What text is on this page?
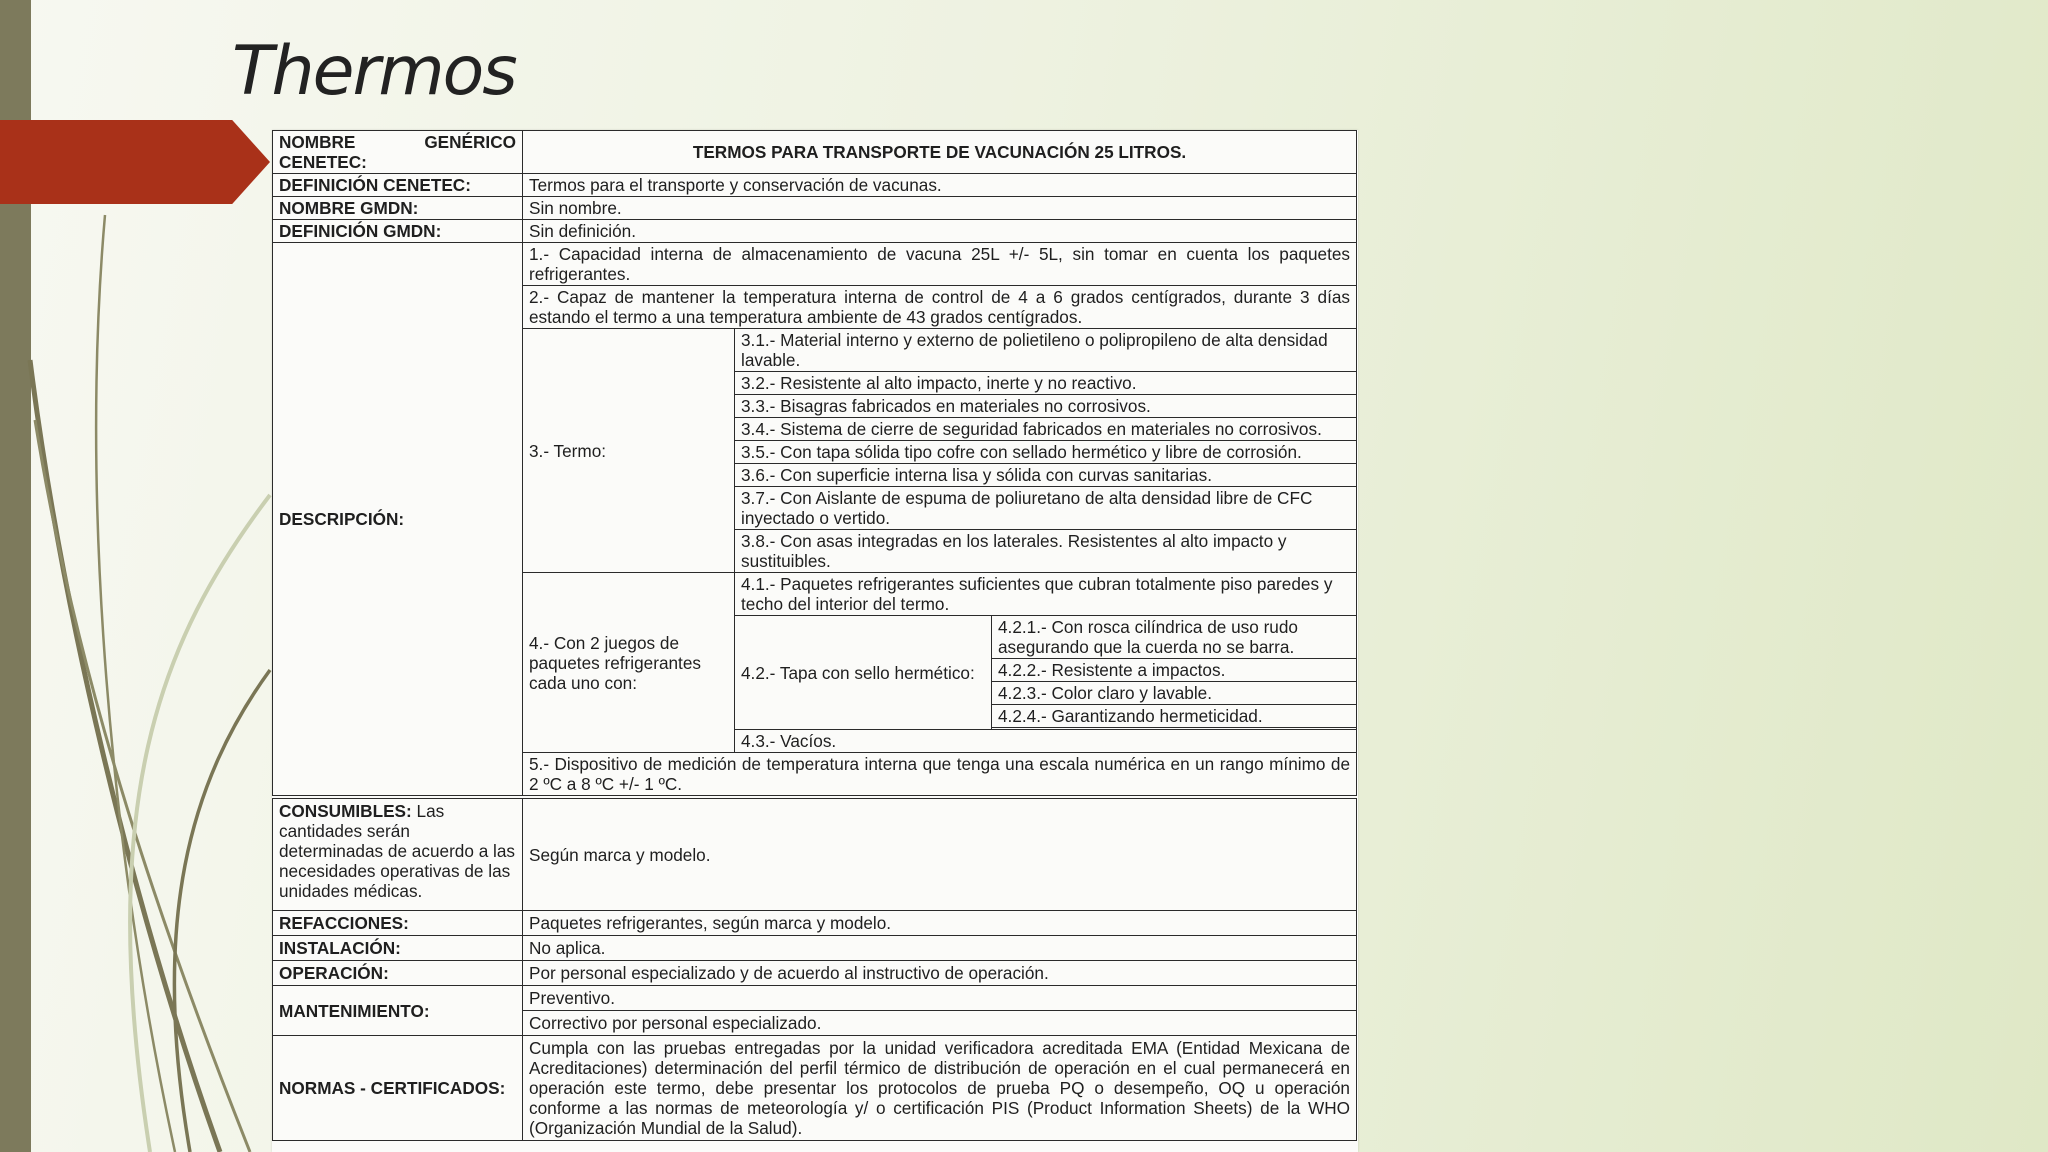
Thermos
NOMBRE GENÉRICO
CENETEC:	TERMOS PARA TRANSPORTE DE VACUNACIÓN 25 LITROS.		
DEFINICIÓN CENETEC:	Termos para el transporte y conservación de vacunas.		
NOMBRE GMDN:	Sin nombre.		
DEFINICIÓN GMDN:	Sin definición.		
DESCRIPCIÓN:	1.- Capacidad interna de almacenamiento de vacuna 25L +/- 5L, sin tomar en cuenta los paquetes refrigerantes.		
	2.- Capaz de mantener la temperatura interna de control de 4 a 6 grados centígrados, durante 3 días estando el termo a una temperatura ambiente de 43 grados centígrados.		
	3.- Termo:	3.1.- Material interno y externo de polietileno o polipropileno de alta densidad lavable.	
		3.2.- Resistente al alto impacto, inerte y no reactivo.	
		3.3.- Bisagras fabricados en materiales no corrosivos.	
		3.4.- Sistema de cierre de seguridad fabricados en materiales no corrosivos.	
		3.5.- Con tapa sólida tipo cofre con sellado hermético y libre de corrosión.	
		3.6.- Con superficie interna lisa y sólida con curvas sanitarias.	
		3.7.- Con Aislante de espuma de poliuretano de alta densidad libre de CFC inyectado o vertido.	
		3.8.- Con asas integradas en los laterales. Resistentes al alto impacto y sustituibles.	
	4.- Con 2 juegos de paquetes refrigerantes cada uno con:	4.1.- Paquetes refrigerantes suficientes que cubran totalmente piso paredes y techo del interior del termo.	
		4.2.- Tapa con sello hermético:	4.2.1.- Con rosca cilíndrica de uso rudo asegurando que la cuerda no se barra.
			4.2.2.- Resistente a impactos.
			4.2.3.- Color claro y lavable.
			4.2.4.- Garantizando hermeticidad.

		4.3.- Vacíos.	
	5.- Dispositivo de medición de temperatura interna que tenga una escala numérica en un rango mínimo de 2 ºC a 8 ºC +/- 1 ºC.		
CONSUMIBLES: Las cantidades serán determinadas de acuerdo a las necesidades operativas de las unidades médicas.	Según marca y modelo.
REFACCIONES:	Paquetes refrigerantes, según marca y modelo.
INSTALACIÓN:	No aplica.
OPERACIÓN:	Por personal especializado y de acuerdo al instructivo de operación.
MANTENIMIENTO:	Preventivo.
	Correctivo por personal especializado.
NORMAS - CERTIFICADOS:	Cumpla con las pruebas entregadas por la unidad verificadora acreditada EMA (Entidad Mexicana de Acreditaciones) determinación del perfil térmico de distribución de operación en el cual permanecerá en operación este termo, debe presentar los protocolos de prueba PQ o desempeño, OQ u operación conforme a las normas de meteorología y/ o certificación PIS (Product Information Sheets) de la WHO (Organización Mundial de la Salud).
